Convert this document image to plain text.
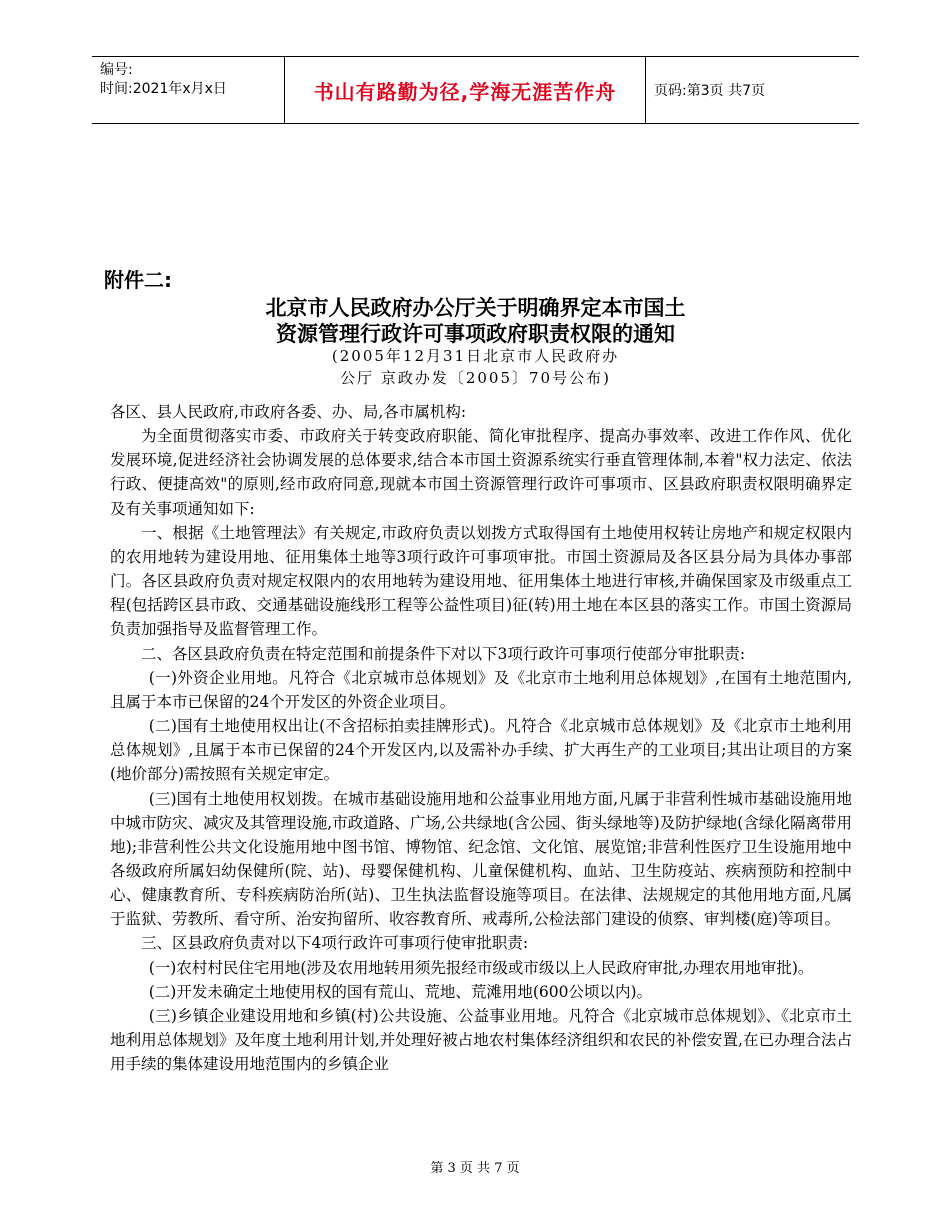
编号:
时间:2021年x月x日	书山有路勤为径,学海无涯苦作舟	页码:第3页 共7页
附件二:
北京市人民政府办公厅关于明确界定本市国土
资源管理行政许可事项政府职责权限的通知
(2005年12月31日北京市人民政府办
公厅 京政办发〔2005〕70号公布)

各区、县人民政府,市政府各委、办、局,各市属机构:

为全面贯彻落实市委、市政府关于转变政府职能、简化审批程序、提高办事效率、改进工作作风、优化发展环境,促进经济社会协调发展的总体要求,结合本市国土资源系统实行垂直管理体制,本着"权力法定、依法行政、便捷高效"的原则,经市政府同意,现就本市国土资源管理行政许可事项市、区县政府职责权限明确界定及有关事项通知如下:

一、根据《土地管理法》有关规定,市政府负责以划拨方式取得国有土地使用权转让房地产和规定权限内的农用地转为建设用地、征用集体土地等3项行政许可事项审批。市国土资源局及各区县分局为具体办事部门。各区县政府负责对规定权限内的农用地转为建设用地、征用集体土地进行审核,并确保国家及市级重点工程(包括跨区县市政、交通基础设施线形工程等公益性项目)征(转)用土地在本区县的落实工作。市国土资源局负责加强指导及监督管理工作。

二、各区县政府负责在特定范围和前提条件下对以下3项行政许可事项行使部分审批职责:

(一)外资企业用地。凡符合《北京城市总体规划》及《北京市土地利用总体规划》,在国有土地范围内,且属于本市已保留的24个开发区的外资企业项目。

(二)国有土地使用权出让(不含招标拍卖挂牌形式)。凡符合《北京城市总体规划》及《北京市土地利用总体规划》,且属于本市已保留的24个开发区内,以及需补办手续、扩大再生产的工业项目;其出让项目的方案(地价部分)需按照有关规定审定。

(三)国有土地使用权划拨。在城市基础设施用地和公益事业用地方面,凡属于非营利性城市基础设施用地中城市防灾、减灾及其管理设施,市政道路、广场,公共绿地(含公园、街头绿地等)及防护绿地(含绿化隔离带用地);非营利性公共文化设施用地中图书馆、博物馆、纪念馆、文化馆、展览馆;非营利性医疗卫生设施用地中各级政府所属妇幼保健所(院、站)、母婴保健机构、儿童保健机构、血站、卫生防疫站、疾病预防和控制中心、健康教育所、专科疾病防治所(站)、卫生执法监督设施等项目。在法律、法规规定的其他用地方面,凡属于监狱、劳教所、看守所、治安拘留所、收容教育所、戒毒所,公检法部门建设的侦察、审判楼(庭)等项目。

三、区县政府负责对以下4项行政许可事项行使审批职责:

(一)农村村民住宅用地(涉及农用地转用须先报经市级或市级以上人民政府审批,办理农用地审批)。

(二)开发未确定土地使用权的国有荒山、荒地、荒滩用地(600公顷以内)。

(三)乡镇企业建设用地和乡镇(村)公共设施、公益事业用地。凡符合《北京城市总体规划》、《北京市土地利用总体规划》及年度土地利用计划,并处理好被占地农村集体经济组织和农民的补偿安置,在已办理合法占用手续的集体建设用地范围内的乡镇企业

第 3 页 共 7 页
